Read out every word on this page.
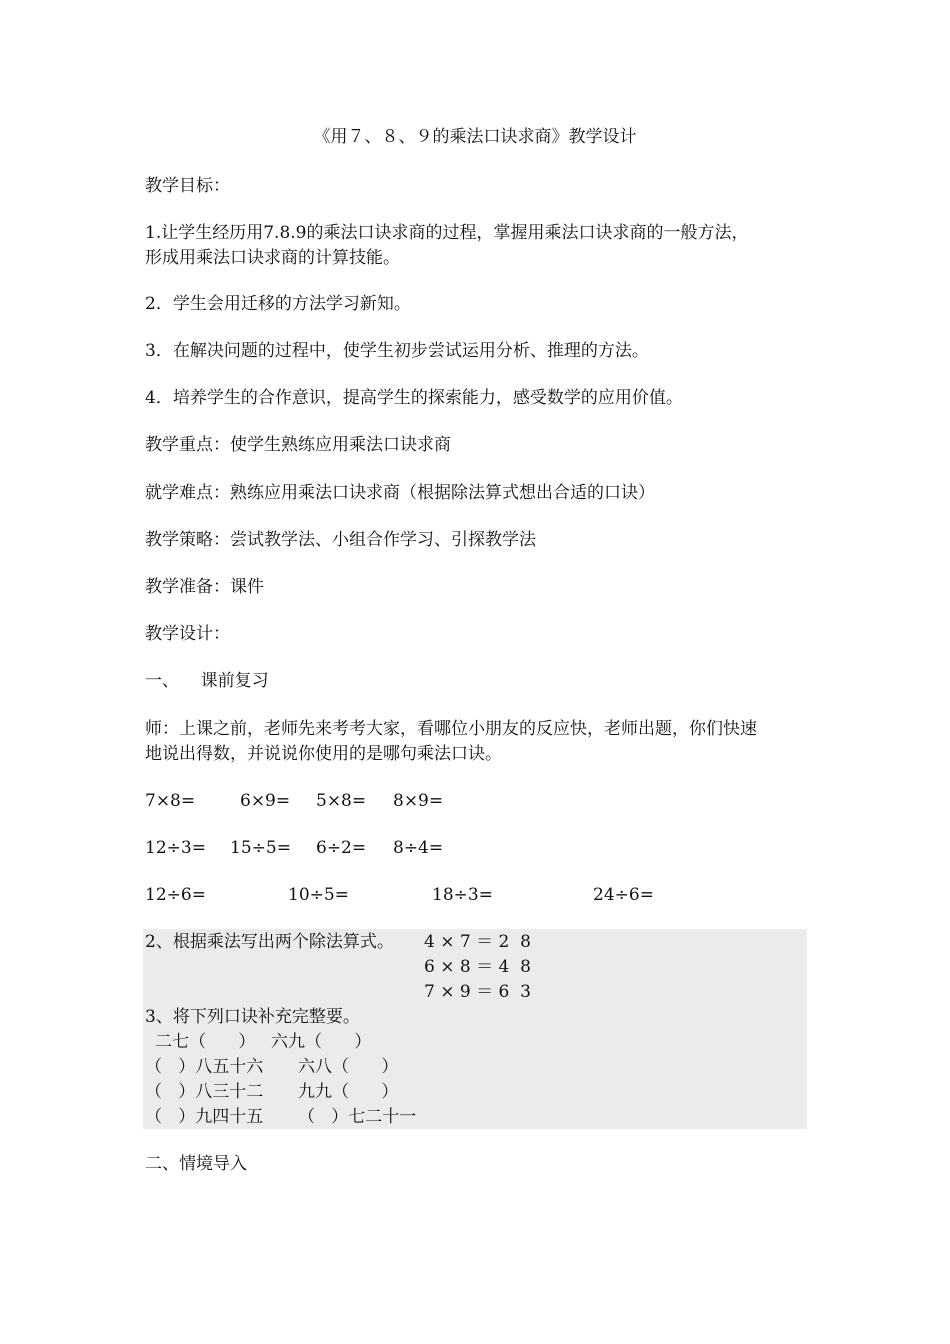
《用７、８、９的乘法口诀求商》教学设计
教学目标：
1.让学生经历用7.8.9的乘法口诀求商的过程，掌握用乘法口诀求商的一般方法，
形成用乘法口诀求商的计算技能。
2．学生会用迁移的方法学习新知。
3．在解决问题的过程中，使学生初步尝试运用分析、推理的方法。
4．培养学生的合作意识，提高学生的探索能力，感受数学的应用价值。
教学重点：使学生熟练应用乘法口诀求商
就学难点：熟练应用乘法口诀求商（根据除法算式想出合适的口诀）
教学策略：尝试教学法、小组合作学习、引探教学法
教学准备：课件
教学设计：
一、    课前复习
师：上课之前，老师先来考考大家，看哪位小朋友的反应快，老师出题，你们快速
地说出得数，并说说你使用的是哪句乘法口诀。
7×8=	6×9= 5×8= 8×9=
12÷3= 15÷5= 6÷2= 8÷4=
12÷6=	10÷5=	18÷3=	24÷6=
2、根据乘法写出两个除法算式。 4 × 7 ＝ 2  8
6 × 8 ＝ 4  8
7 × 9 ＝ 6  3
3、将下列口诀补充完整要。
二七（      ） 六九（      ）
（   ）八五十六 六八（      ）
（   ）八三十二 九九（      ）
（   ）九四十五 （   ）七二十一
二、情境导入
